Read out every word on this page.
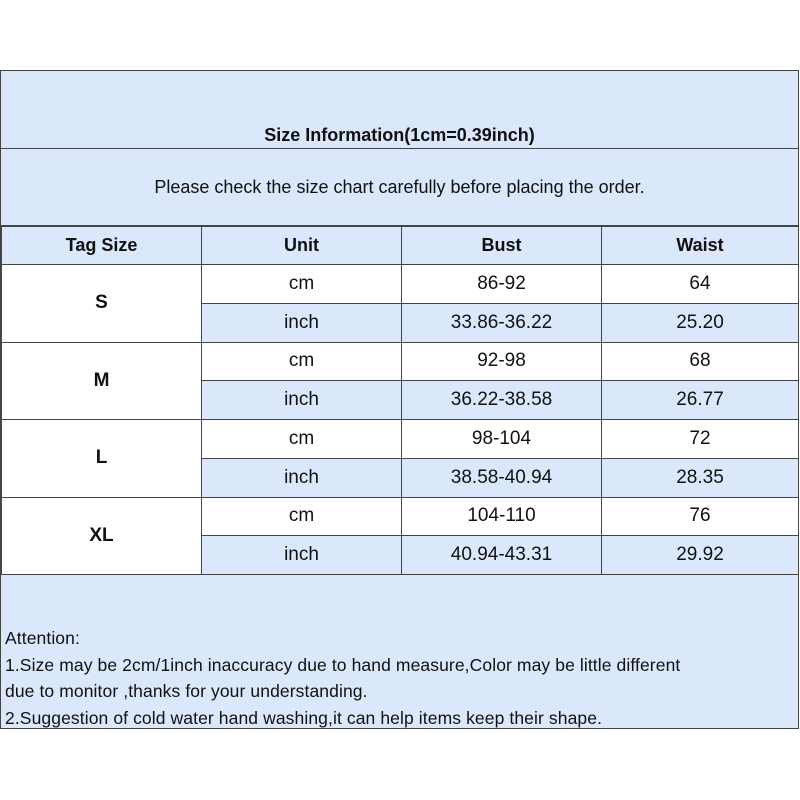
Size Information(1cm=0.39inch)
Please check the size chart carefully before placing the order.
Tag Size	Unit	Bust	Waist
S	cm	86-92	64
	inch	33.86-36.22	25.20
M	cm	92-98	68
	inch	36.22-38.58	26.77
L	cm	98-104	72
	inch	38.58-40.94	28.35
XL	cm	104-110	76
	inch	40.94-43.31	29.92
Attention:
1.Size may be 2cm/1inch inaccuracy due to hand measure,Color may be little different
due to monitor ,thanks for your understanding.
2.Suggestion of cold water hand washing,it can help items keep their shape.
